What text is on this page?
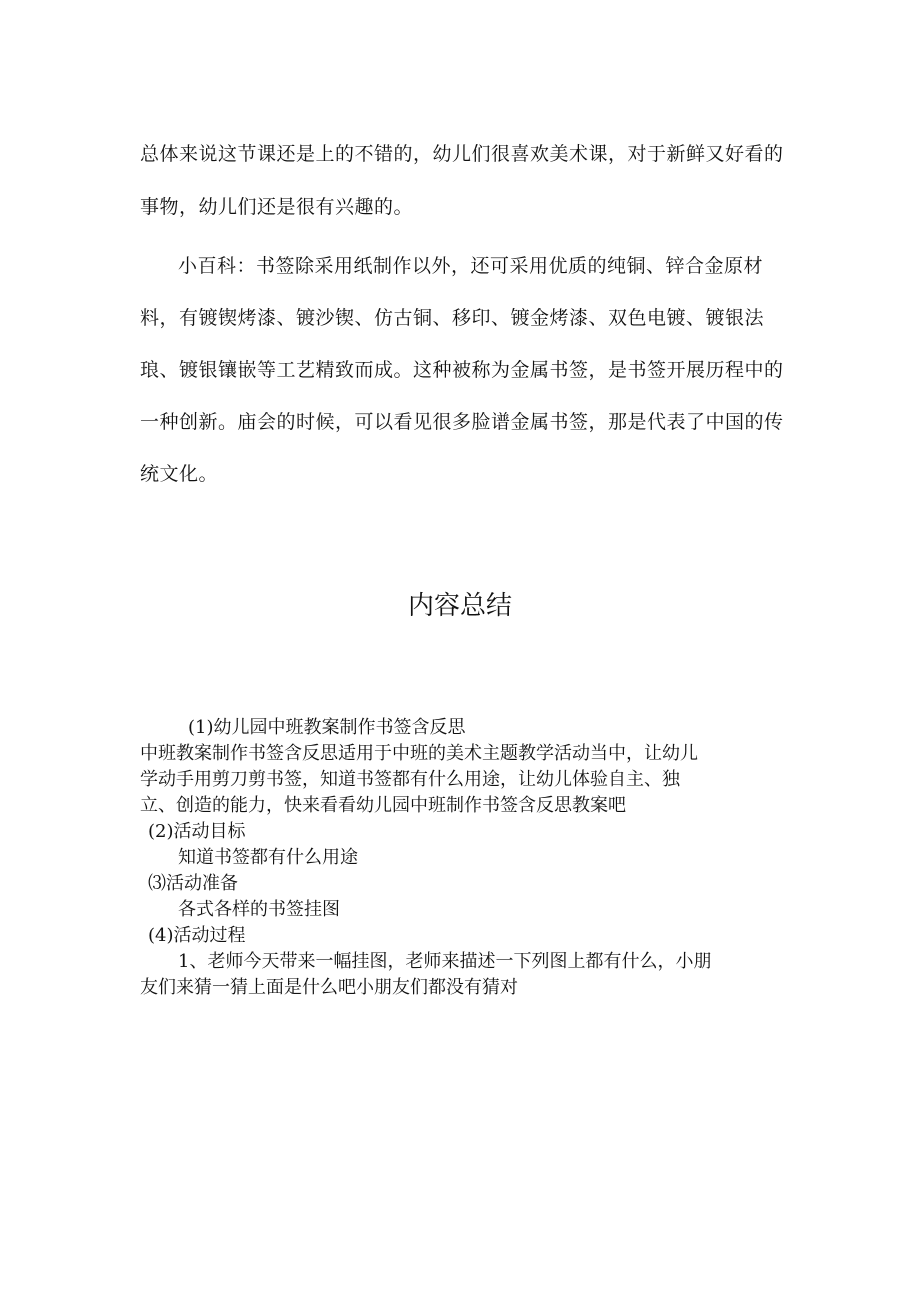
总体来说这节课还是上的不错的，幼儿们很喜欢美术课，对于新鲜又好看的事物，幼儿们还是很有兴趣的。

小百科：书签除采用纸制作以外，还可采用优质的纯铜、锌合金原材料，有镀锲烤漆、镀沙锲、仿古铜、移印、镀金烤漆、双色电镀、镀银法琅、镀银镶嵌等工艺精致而成。这种被称为金属书签，是书签开展历程中的一种创新。庙会的时候，可以看见很多脸谱金属书签，那是代表了中国的传统文化。

内容总结
(1)幼儿园中班教案制作书签含反思
中班教案制作书签含反思适用于中班的美术主题教学活动当中，让幼儿
学动手用剪刀剪书签，知道书签都有什么用途，让幼儿体验自主、独
立、创造的能力，快来看看幼儿园中班制作书签含反思教案吧
(2)活动目标
知道书签都有什么用途
⑶活动准备
各式各样的书签挂图
(4)活动过程
1、老师今天带来一幅挂图，老师来描述一下列图上都有什么，小朋
友们来猜一猜上面是什么吧小朋友们都没有猜对
